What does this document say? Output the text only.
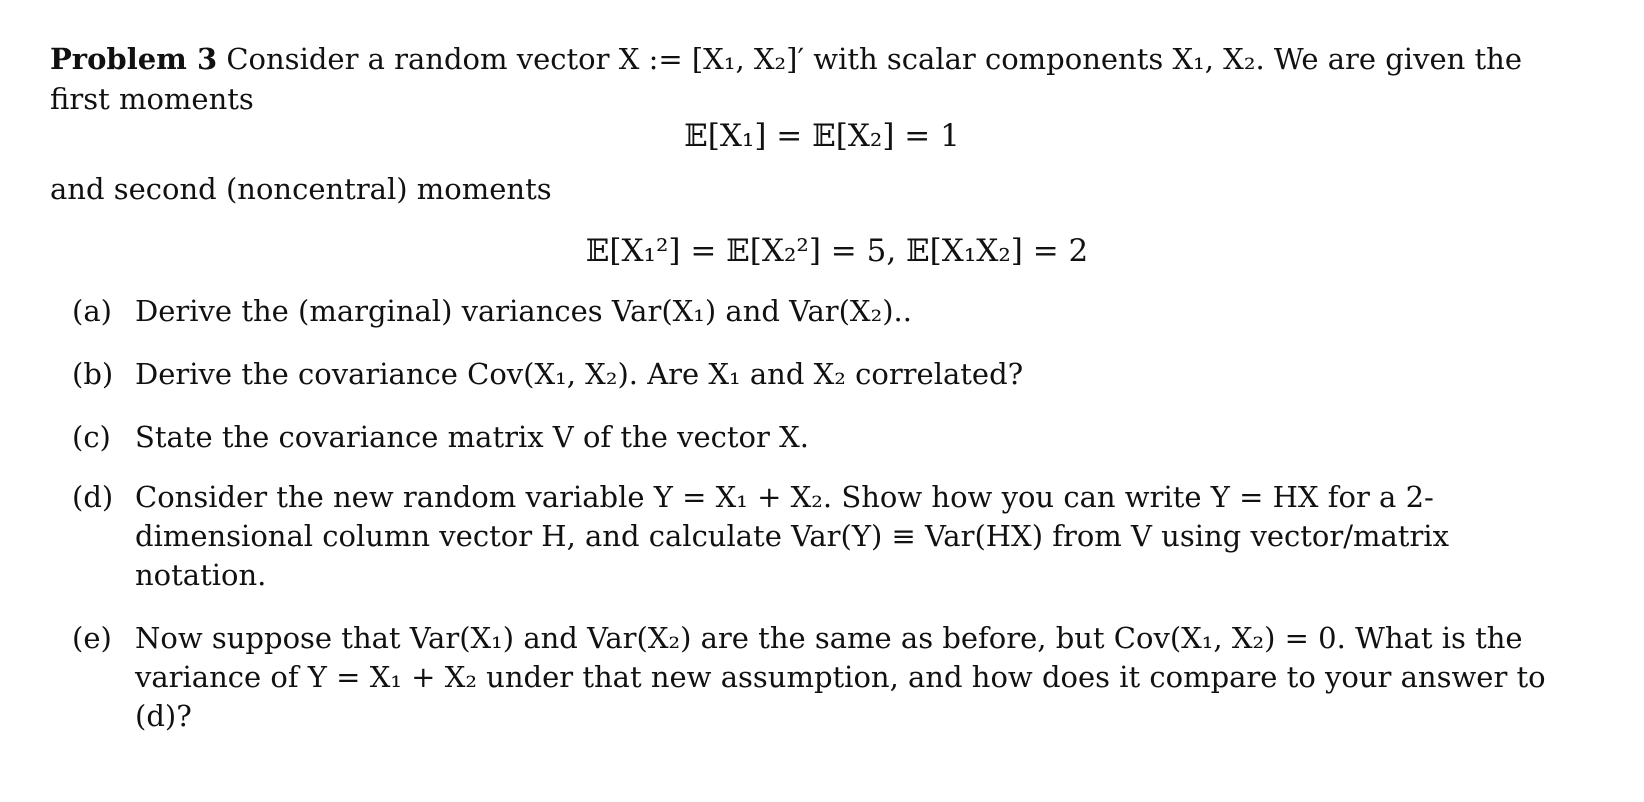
Problem 3 Consider a random vector X := [X₁, X₂]′ with scalar components X₁, X₂. We are given the
first moments
𝔼[X₁] = 𝔼[X₂] = 1
and second (noncentral) moments
𝔼[X₁²] = 𝔼[X₂²] = 5, 𝔼[X₁X₂] = 2
(a) Derive the (marginal) variances Var(X₁) and Var(X₂)..
(b) Derive the covariance Cov(X₁, X₂). Are X₁ and X₂ correlated?
(c) State the covariance matrix V of the vector X.
(d) Consider the new random variable Y = X₁ + X₂. Show how you can write Y = HX for a 2-dimensional column vector H, and calculate Var(Y) ≡ Var(HX) from V using vector/matrix notation.
(e) Now suppose that Var(X₁) and Var(X₂) are the same as before, but Cov(X₁, X₂) = 0. What is the variance of Y = X₁ + X₂ under that new assumption, and how does it compare to your answer to (d)?
